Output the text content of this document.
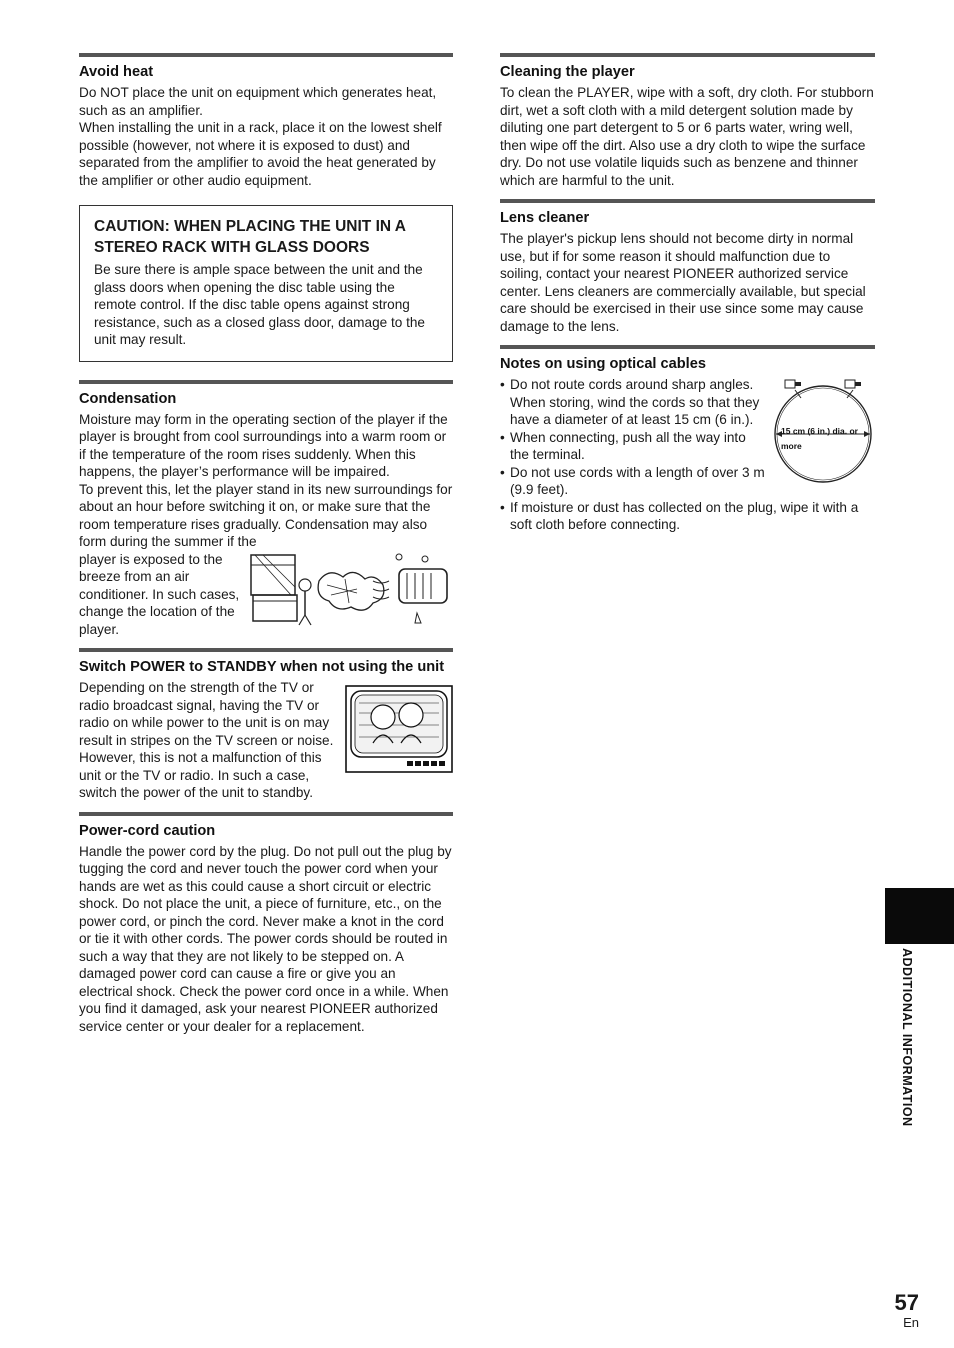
Avoid heat

Do NOT place the unit on equipment which generates heat, such as an amplifier.

When installing the unit in a rack, place it on the lowest shelf possible (however, not where it is exposed to dust) and separated from the amplifier to avoid the heat generated by the amplifier or other audio equipment.

CAUTION: WHEN PLACING THE UNIT IN A STEREO RACK WITH GLASS DOORS

Be sure there is ample space between the unit and the glass doors when opening the disc table using the remote control. If the disc table opens against strong resistance, such as a closed glass door, damage to the unit may result.

Condensation

Moisture may form in the operating section of the player if the player is brought from cool surroundings into a warm room or if the temperature of the room rises suddenly. When this happens, the player’s performance will be impaired.

To prevent this, let the player stand in its new surroundings for about an hour before switching it on, or make sure that the room temperature rises gradually. Condensation may also form during the summer if the

player is exposed to the breeze from an air conditioner. In such cases, change the location of the player.

Switch POWER to STANDBY when not using the unit

Depending on the strength of the TV or radio broadcast signal, having the TV or radio on while power to the unit is on may result in stripes on the TV screen or noise. However, this is not a malfunction of this unit or the TV or radio. In such a case, switch the power of the unit to standby.

Power-cord caution

Handle the power cord by the plug. Do not pull out the plug by tugging the cord and never touch the power cord when your hands are wet as this could cause a short circuit or electric shock. Do not place the unit, a piece of furniture, etc., on the power cord, or pinch the cord. Never make a knot in the cord or tie it with other cords. The power cords should be routed in such a way that they are not likely to be stepped on. A damaged power cord can cause a fire or give you an electrical shock. Check the power cord once in a while. When you find it damaged, ask your nearest PIONEER authorized service center or your dealer for a replacement.

Cleaning the player

To clean the PLAYER, wipe with a soft, dry cloth. For stubborn dirt, wet a soft cloth with a mild detergent solution made by diluting one part detergent to 5 or 6 parts water, wring well, then wipe off the dirt. Also use a dry cloth to wipe the surface dry. Do not use volatile liquids such as benzene and thinner which are harmful to the unit.

Lens cleaner

The player's pickup lens should not become dirty in normal use, but if for some reason it should malfunction due to soiling, contact your nearest PIONEER authorized service center. Lens cleaners are commercially available, but special care should be exercised in their use since some may cause damage to the lens.

Notes on using optical cables
15 cm (6 in.) dia. or
more
• Do not route cords around sharp angles. When storing, wind the cords so that they have a diameter of at least 15 cm (6 in.).
• When connecting, push all the way into the terminal.
• Do not use cords with a length of over 3 m (9.9 feet).
• If moisture or dust has collected on the plug, wipe it with a soft cloth before connecting.
ADDITIONAL INFORMATION
57
En
